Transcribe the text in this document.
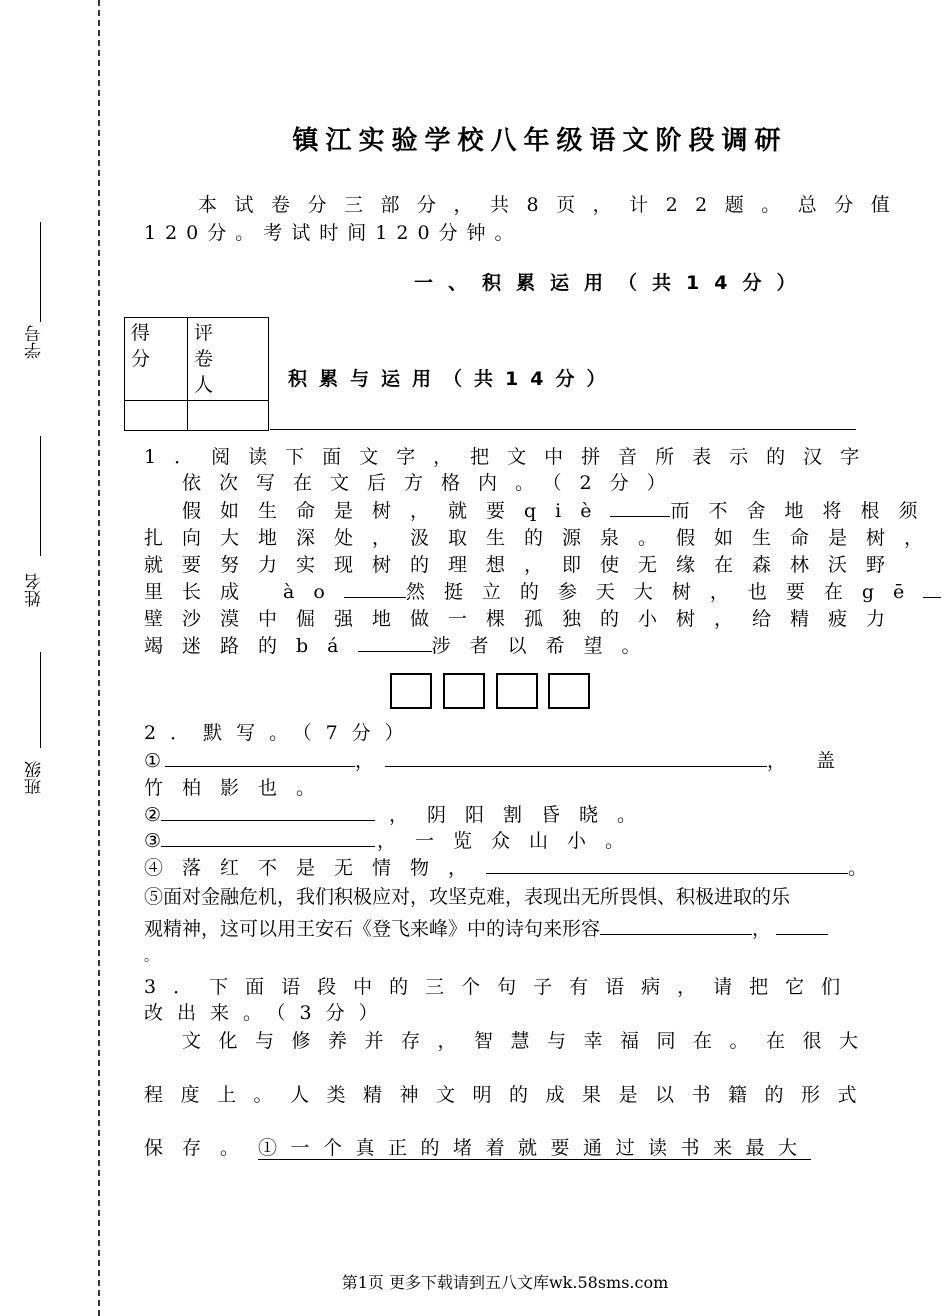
学号
姓名
班级
镇江实验学校八年级语文阶段调研
本试卷分三部分，共8页，计22题。总分值
120分。考试时间120分钟。
一、积累运用（共14分）
得分	评卷人

		积累与运用（共14分）
1．阅读下面文字，把文中拼音所表示的汉字
依次写在文后方格内。（2分）
假如生命是树，就要qiè	而不舍地将根须
扎向大地深处，汲取生的源泉。假如生命是树，
就要努力实现树的理想，即使无缘在森林沃野
里长成 ào	然挺立的参天大树，也要在gē
壁沙漠中倔强地做一棵孤独的小树，给精疲力
竭迷路的bá	涉者以希望。
2．默写。（7分）
①	，	，盖
竹柏影也。
②	，阴阳割昏晓。
③	，一览众山小。
④落红不是无情物，	。
⑤面对金融危机，我们积极应对，攻坚克难，表现出无所畏惧、积极进取的乐
观精神，这可以用王安石《登飞来峰》中的诗句来形容	，
。
3．下面语段中的三个句子有语病，请把它们
改出来。（3分）
文化与修养并存，智慧与幸福同在。在很大
程度上。人类精神文明的成果是以书籍的形式
保存。①一个真正的堵着就要通过读书来最大
第1页 更多下载请到五八文库wk.58sms.com
